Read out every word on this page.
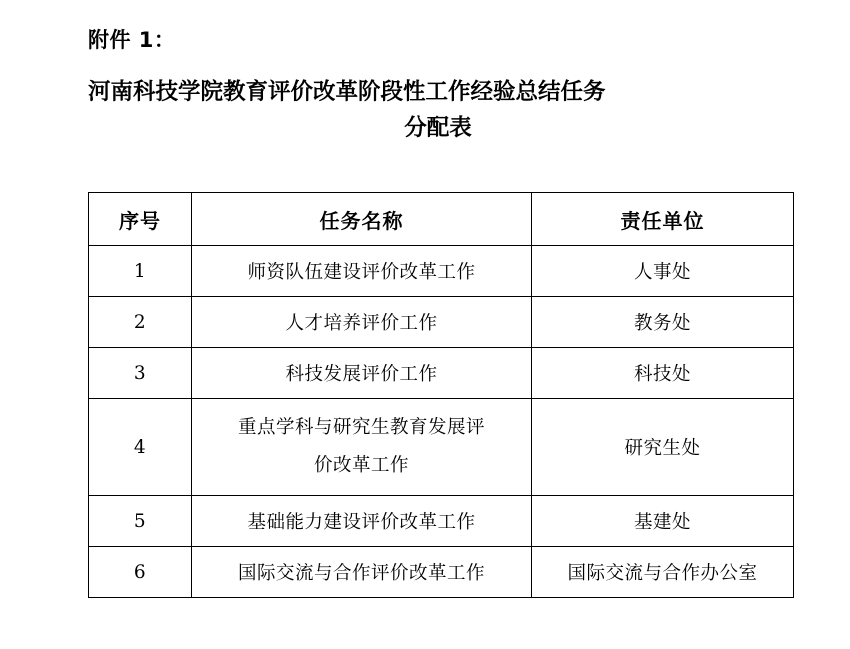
附件 1：
河南科技学院教育评价改革阶段性工作经验总结任务
分配表
序号	任务名称	责任单位
1	师资队伍建设评价改革工作	人事处
2	人才培养评价工作	教务处
3	科技发展评价工作	科技处
4	重点学科与研究生教育发展评
价改革工作	研究生处
5	基础能力建设评价改革工作	基建处
6	国际交流与合作评价改革工作	国际交流与合作办公室
